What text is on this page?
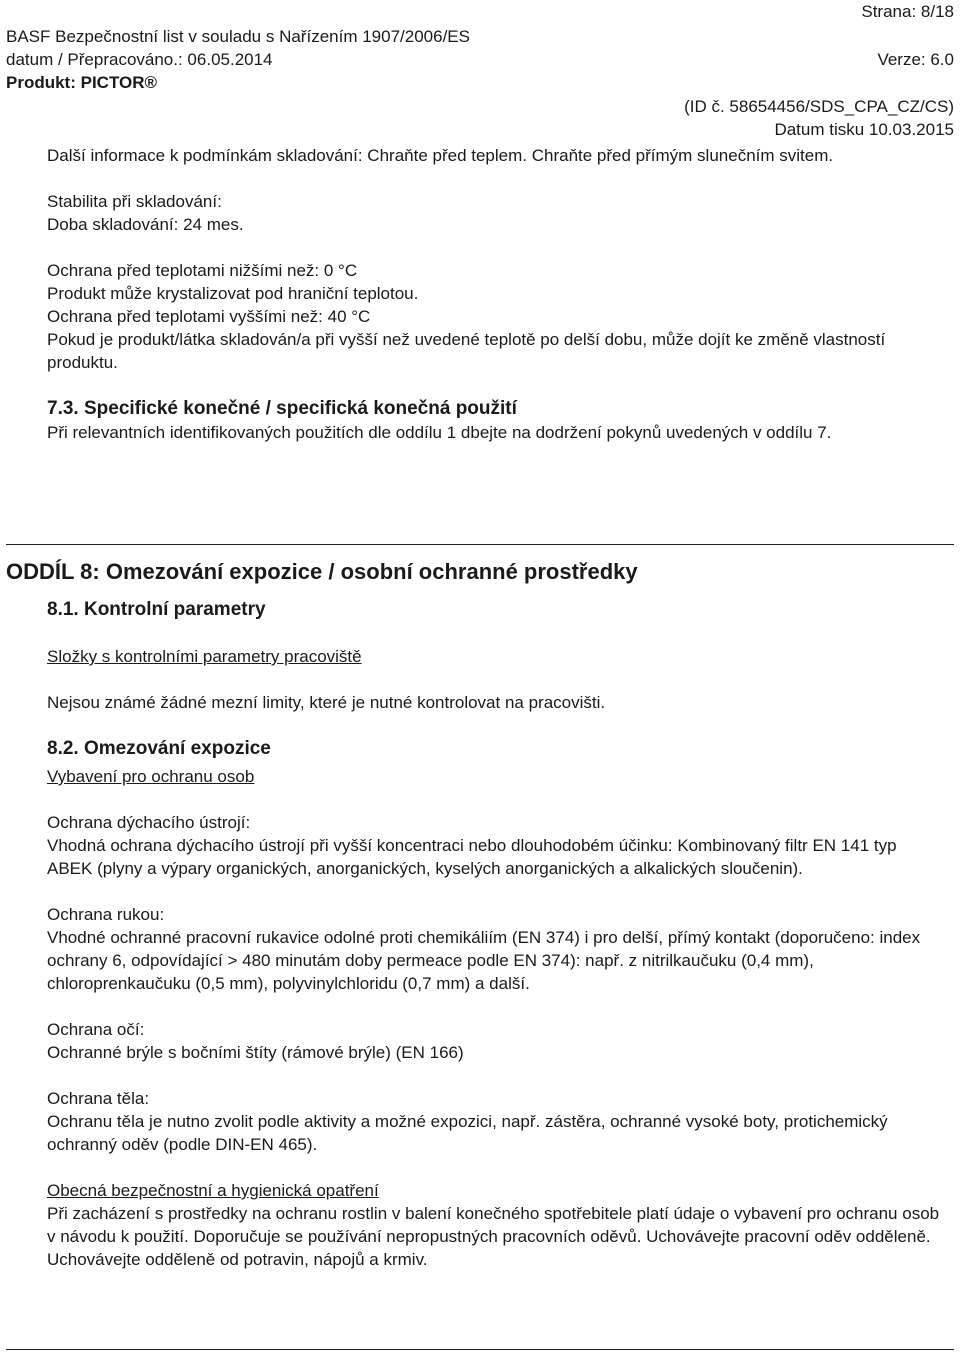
Strana: 8/18
BASF Bezpečnostní list v souladu s Nařízením 1907/2006/ES
datum / Přepracováno.: 06.05.2014	Verze: 6.0
Produkt: PICTOR®
(ID č. 58654456/SDS_CPA_CZ/CS)
Datum tisku 10.03.2015

Další informace k podmínkám skladování: Chraňte před teplem. Chraňte před přímým slunečním svitem.

Stabilita při skladování:

Doba skladování: 24 mes.

Ochrana před teplotami nižšími než: 0 °C

Produkt může krystalizovat pod hraniční teplotou.

Ochrana před teplotami vyššími než: 40 °C

Pokud je produkt/látka skladován/a při vyšší než uvedené teplotě po delší dobu, může dojít ke změně vlastností produktu.

7.3. Specifické konečné / specifická konečná použití

Při relevantních identifikovaných použitích dle oddílu 1 dbejte na dodržení pokynů uvedených v oddílu 7.

ODDÍL 8: Omezování expozice / osobní ochranné prostředky

8.1. Kontrolní parametry

Složky s kontrolními parametry pracoviště

Nejsou známé žádné mezní limity, které je nutné kontrolovat na pracovišti.

8.2. Omezování expozice

Vybavení pro ochranu osob

Ochrana dýchacího ústrojí:

Vhodná ochrana dýchacího ústrojí při vyšší koncentraci nebo dlouhodobém účinku: Kombinovaný filtr EN 141 typ ABEK (plyny a výpary organických, anorganických, kyselých anorganických a alkalických sloučenin).

Ochrana rukou:

Vhodné ochranné pracovní rukavice odolné proti chemikáliím (EN 374) i pro delší, přímý kontakt (doporučeno: index ochrany 6, odpovídající > 480 minutám doby permeace podle EN 374): např. z nitrilkaučuku (0,4 mm), chloroprenkaučuku (0,5 mm), polyvinylchloridu (0,7 mm) a další.

Ochrana očí:

Ochranné brýle s bočními štíty (rámové brýle) (EN 166)

Ochrana těla:

Ochranu těla je nutno zvolit podle aktivity a možné expozici, např. zástěra, ochranné vysoké boty, protichemický ochranný oděv (podle DIN-EN 465).

Obecná bezpečnostní a hygienická opatření

Při zacházení s prostředky na ochranu rostlin v balení konečného spotřebitele platí údaje o vybavení pro ochranu osob v návodu k použití. Doporučuje se používání nepropustných pracovních oděvů. Uchovávejte pracovní oděv odděleně. Uchovávejte odděleně od potravin, nápojů a krmiv.
